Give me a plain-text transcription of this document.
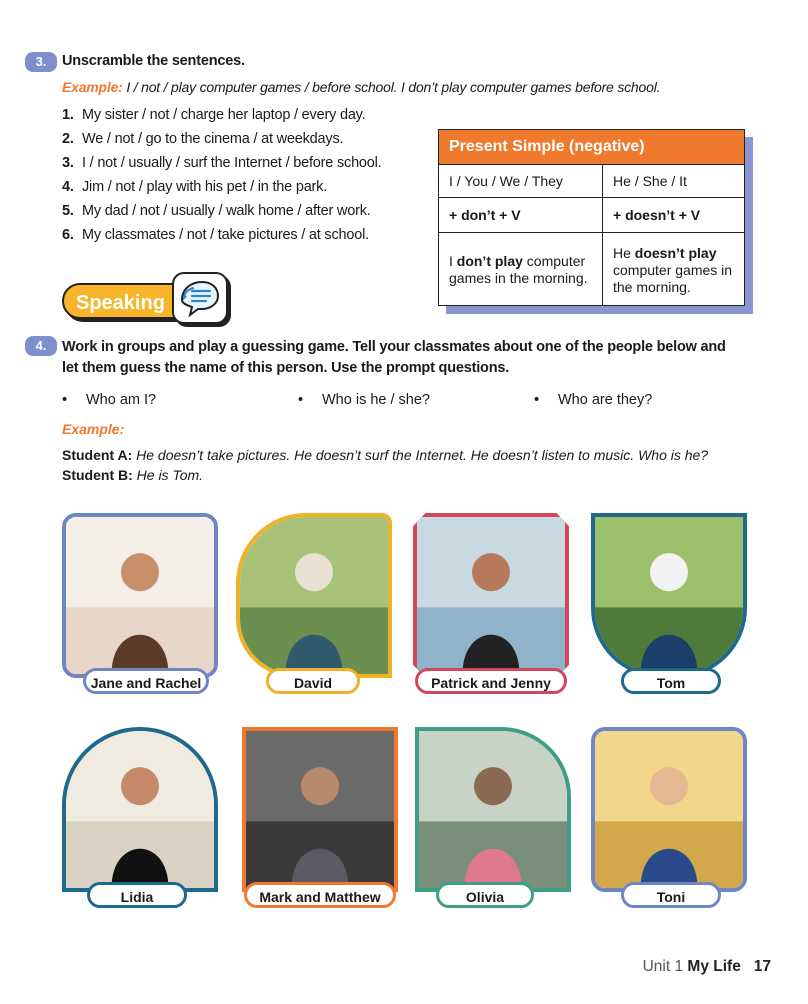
3.	Unscramble the sentences.
Example: I / not / play computer games / before school. I don’t play computer games before school.
1. My sister / not / charge her laptop / every day.
2. We / not / go to the cinema / at weekdays.
3. I / not / usually / surf the Internet / before school.
4. Jim / not / play with his pet / in the park.
5. My dad / not / usually / walk home / after work.
6. My classmates / not / take pictures / at school.
Present Simple (negative)	
I / You / We / They	He / She / It
+ don’t + V	+ doesn’t + V
I don’t play computer games in the morning.	He doesn’t play computer games in the morning.
Speaking
4.	Work in groups and play a guessing game. Tell your classmates about one of the people below and
let them guess the name of this person. Use the prompt questions.
• Who am I?	• Who is he / she?	• Who are they?
Example:
Student A: He doesn’t take pictures. He doesn’t surf the Internet. He doesn’t listen to music. Who is he?
Student B: He is Tom.
Jane and Rachel	David	Patrick and Jenny	Tom
Lidia	Mark and Matthew	Olivia	Toni
Unit 1 My Life 17
